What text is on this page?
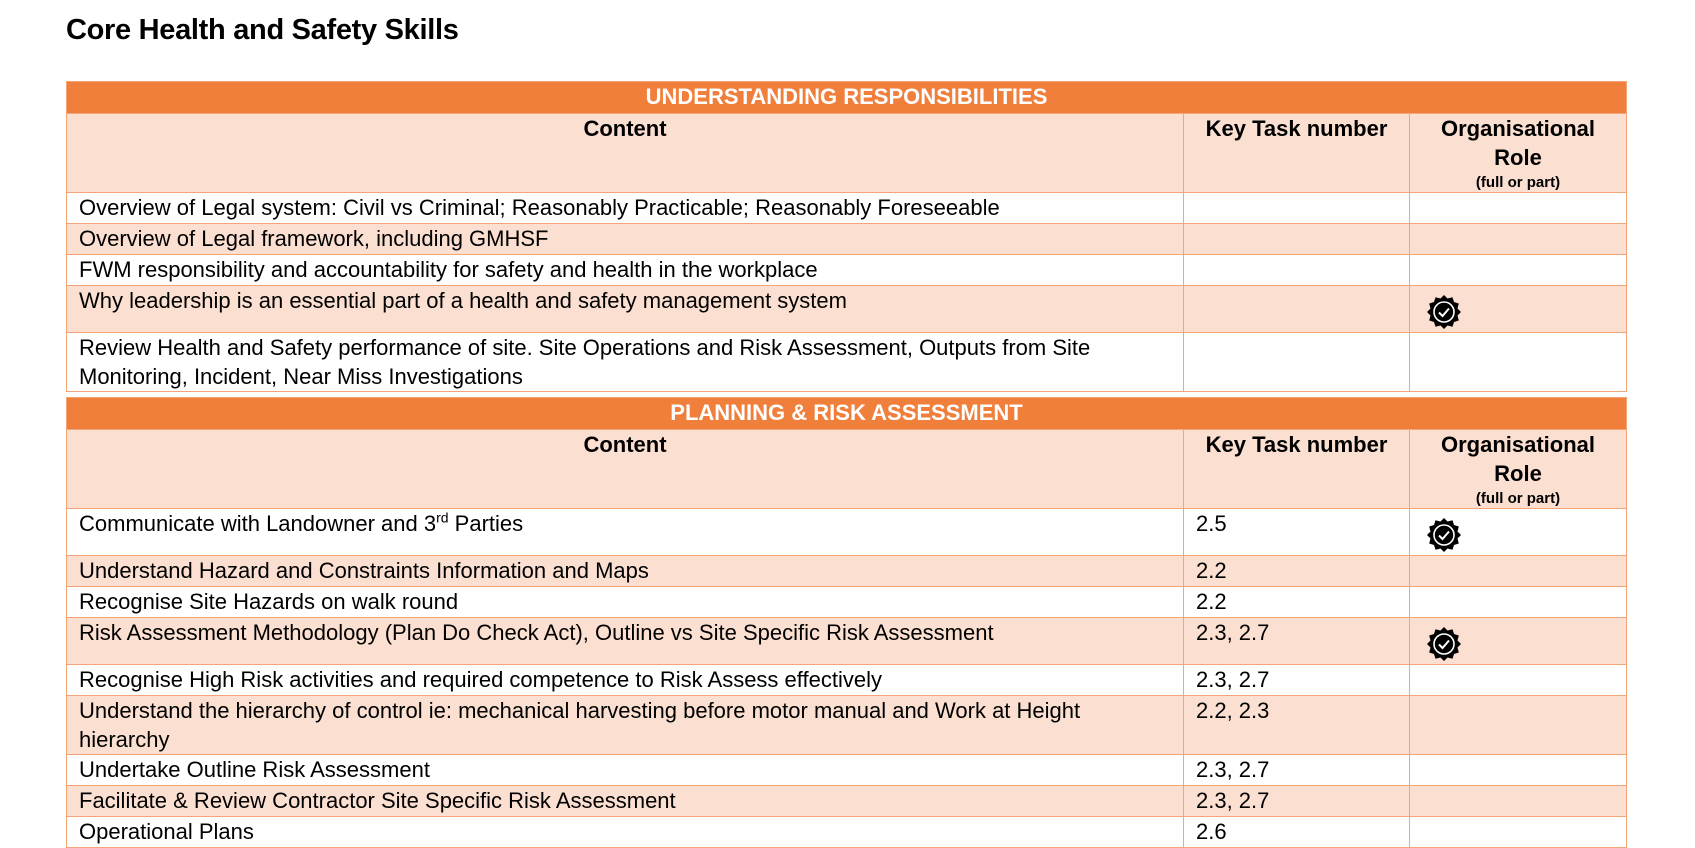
Core Health and Safety Skills
UNDERSTANDING RESPONSIBILITIES		
Content	Key Task number	Organisational Role
(full or part)

Overview of Legal system: Civil vs Criminal; Reasonably Practicable; Reasonably Foreseeable		
Overview of Legal framework, including GMHSF		
FWM responsibility and accountability for safety and health in the workplace		
Why leadership is an essential part of a health and safety management system		

Review Health and Safety performance of site. Site Operations and Risk Assessment, Outputs from Site Monitoring, Incident, Near Miss Investigations		
PLANNING & RISK ASSESSMENT		
Content	Key Task number	Organisational Role
(full or part)

Communicate with Landowner and 3rd Parties	2.5	

Understand Hazard and Constraints Information and Maps	2.2	
Recognise Site Hazards on walk round	2.2	
Risk Assessment Methodology (Plan Do Check Act), Outline vs Site Specific Risk Assessment	2.3, 2.7	

Recognise High Risk activities and required competence to Risk Assess effectively	2.3, 2.7	
Understand the hierarchy of control ie: mechanical harvesting before motor manual and Work at Height hierarchy	2.2, 2.3	
Undertake Outline Risk Assessment	2.3, 2.7	
Facilitate & Review Contractor Site Specific Risk Assessment	2.3, 2.7	
Operational Plans	2.6	
